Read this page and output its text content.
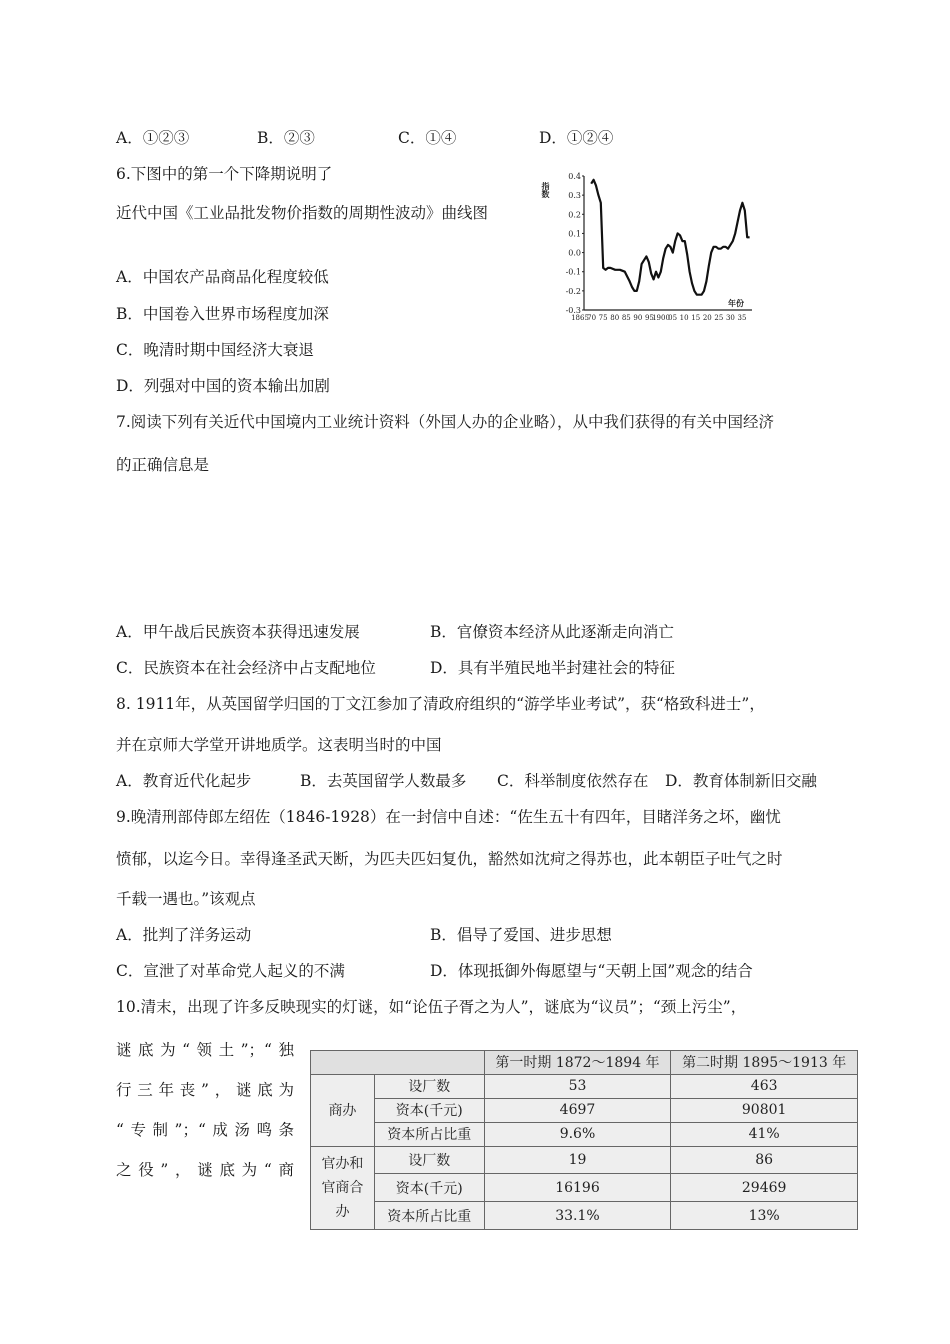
A．①②③	B．②③	C．①④	D．①②④
6.下图中的第一个下降期说明了
近代中国《工业品批发物价指数的周期性波动》曲线图
A．中国农产品商品化程度较低
B．中国卷入世界市场程度加深
C．晚清时期中国经济大衰退
D．列强对中国的资本输出加剧
指数
年份
0.4
0.3
0.2
0.1
0.0
-0.1
-0.2
-0.3
1865
70 75 80 85 90 95
1900
05 10 15 20 25 30 35
7.阅读下列有关近代中国境内工业统计资料（外国人办的企业略），从中我们获得的有关中国经济
的正确信息是
A．甲午战后民族资本获得迅速发展	B．官僚资本经济从此逐渐走向消亡
C．民族资本在社会经济中占支配地位	D．具有半殖民地半封建社会的特征
8. 1911年，从英国留学归国的丁文江参加了清政府组织的“游学毕业考试”，获“格致科进士”，
并在京师大学堂开讲地质学。这表明当时的中国
A．教育近代化起步	B．去英国留学人数最多 C．科举制度依然存在 D．教育体制新旧交融
9.晚清刑部侍郎左绍佐（1846-1928）在一封信中自述：“佐生五十有四年，目睹洋务之坏，幽忧
愤郁，以迄今日。幸得逢圣武天断，为匹夫匹妇复仇，豁然如沈疴之得苏也，此本朝臣子吐气之时
千载一遇也。”该观点
A．批判了洋务运动	B．倡导了爱国、进步思想
C．宣泄了对革命党人起义的不满	D．体现抵御外侮愿望与“天朝上国”观念的结合
10.清末，出现了许多反映现实的灯谜，如“论伍子胥之为人”，谜底为“议员”；“颈上污尘”，
谜底为“领土”；“独
行三年丧”，谜底为
“专制”；“成汤鸣条
之役”，谜底为“商
		第一时期 1872～1894 年	第二时期 1895～1913 年
商办	设厂数	53	463
	资本(千元)	4697	90801
	资本所占比重	9.6%	41%

官办和
官商合
办	设厂数	19	86
	资本(千元)	16196	29469
	资本所占比重	33.1%	13%
